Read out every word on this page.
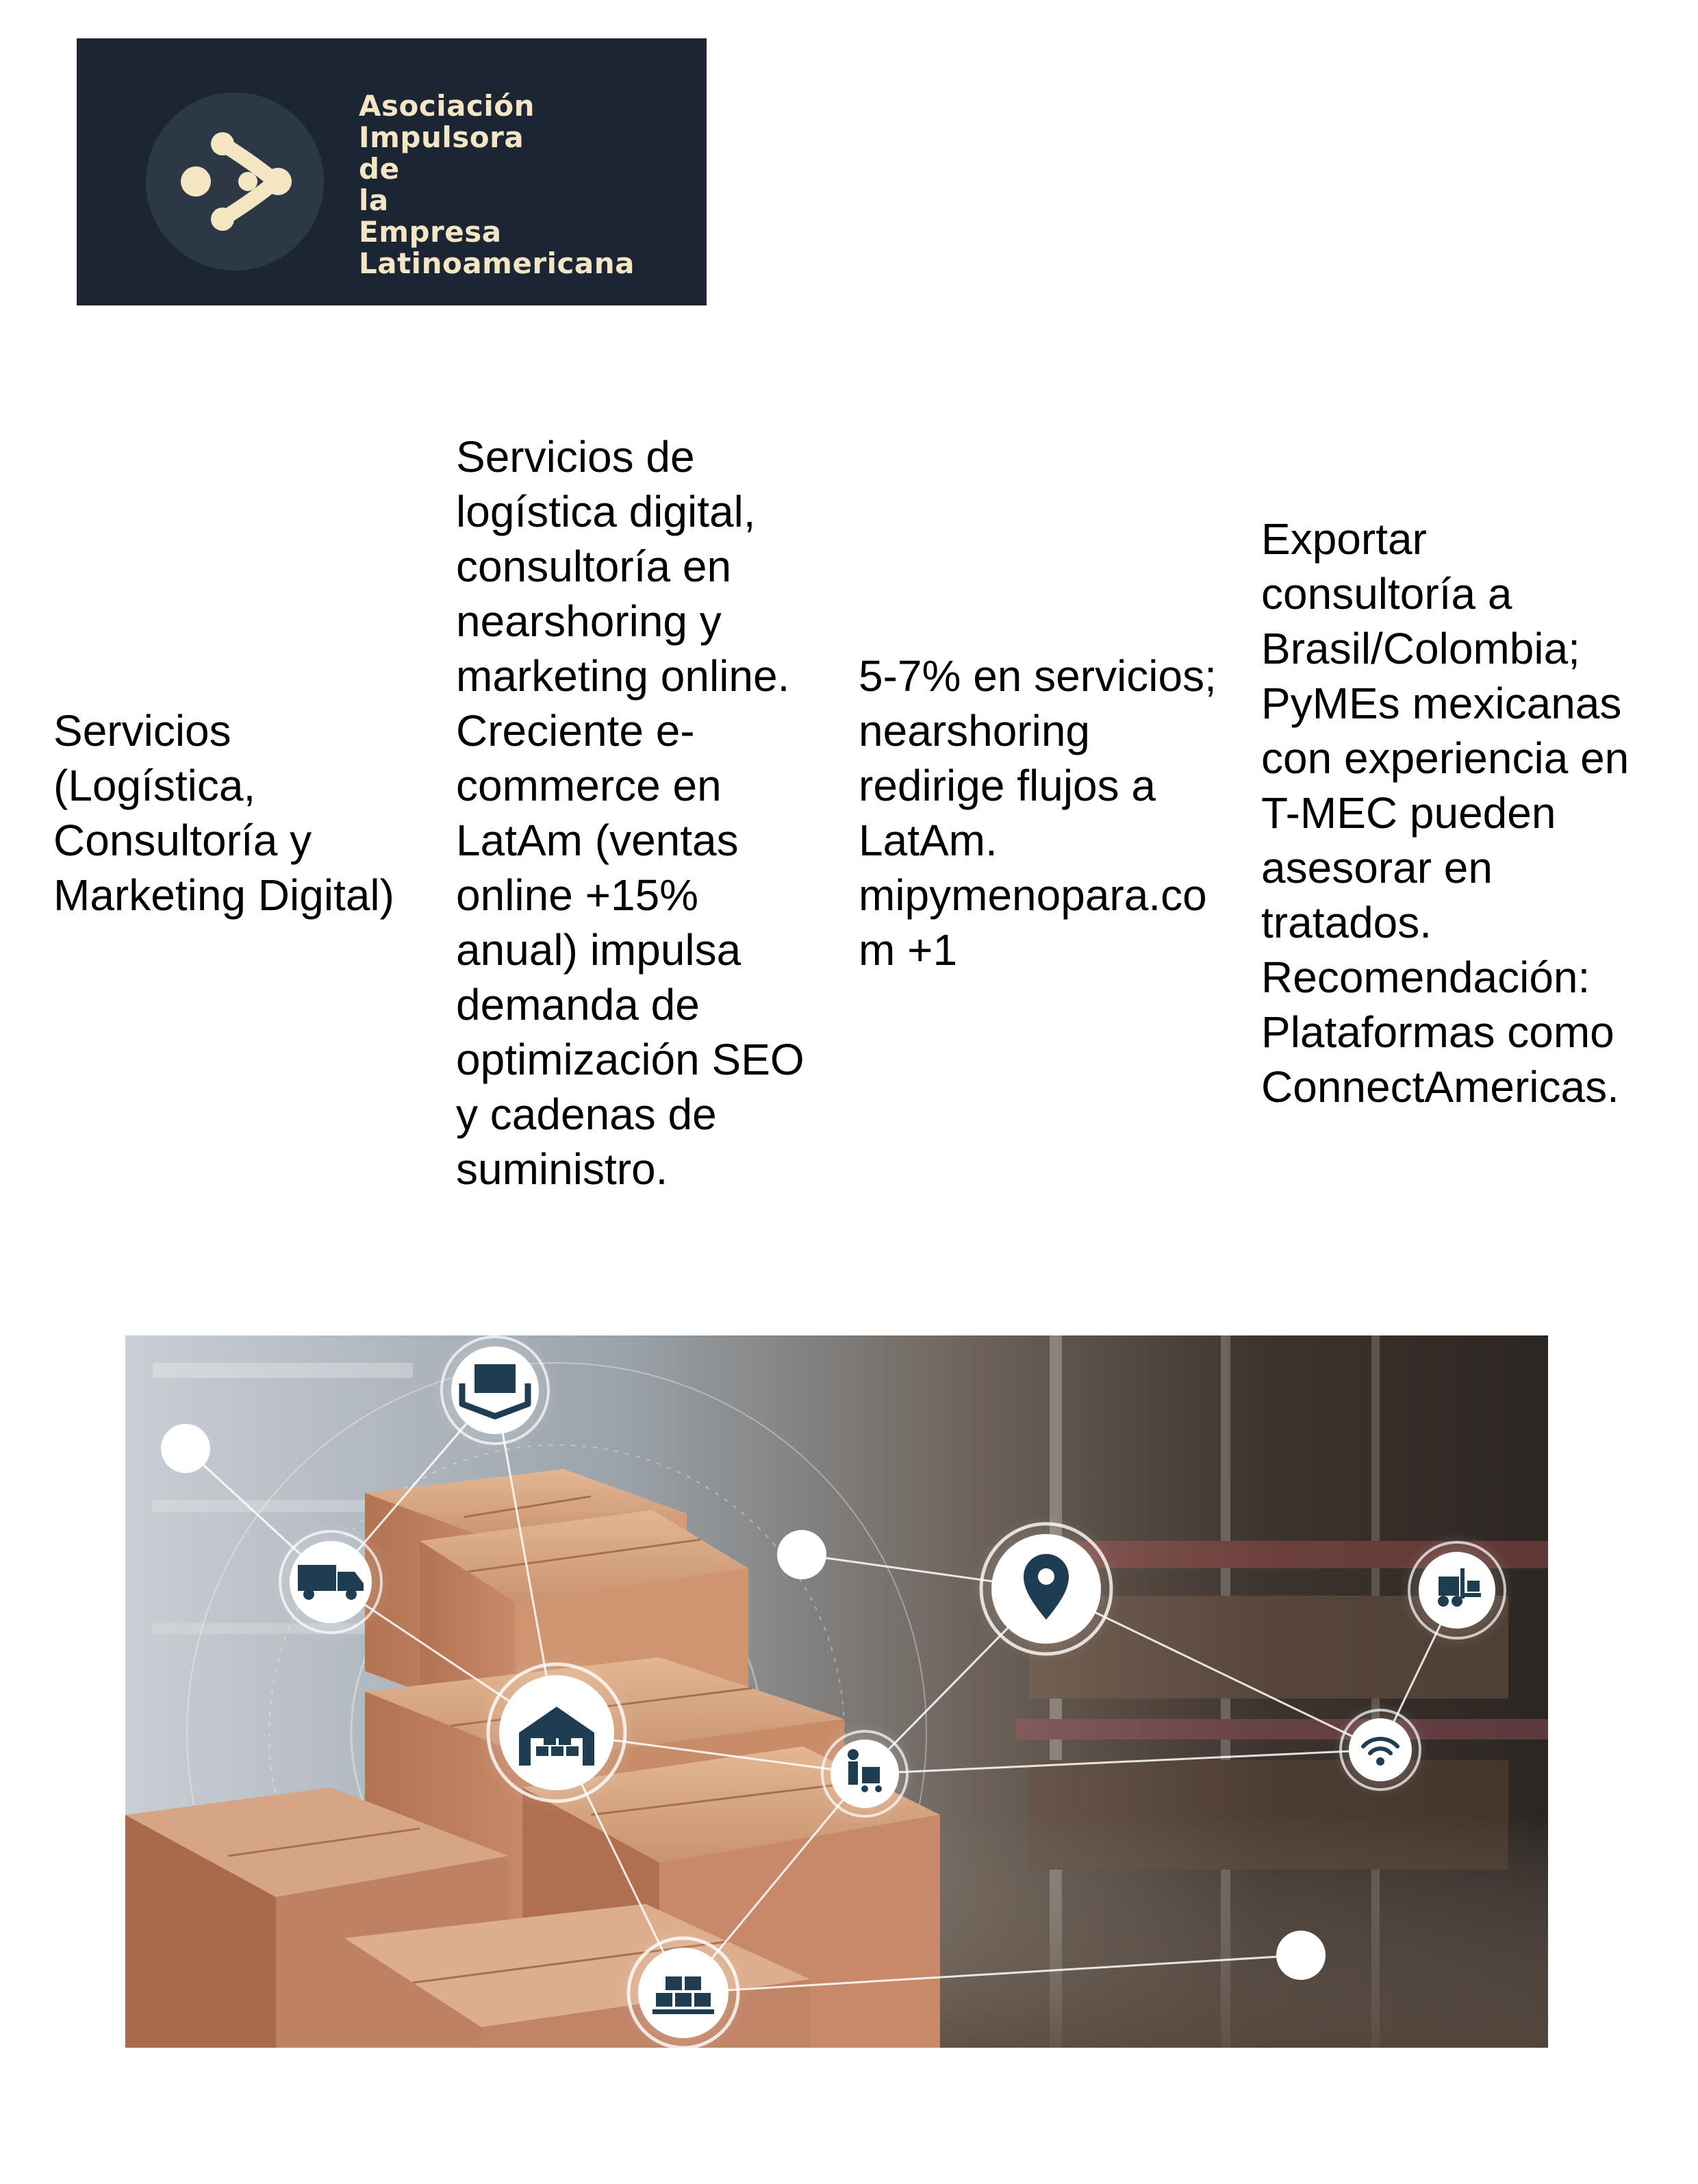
Asociación
Impulsora
de
la
Empresa
Latinoamericana
Servicios (Logística, Consultoría y Marketing Digital)
Servicios de logística digital, consultoría en nearshoring y marketing online. Creciente e-commerce en LatAm (ventas online +15% anual) impulsa demanda de optimización SEO y cadenas de suministro.
5-7% en servicios; nearshoring redirige flujos a LatAm. mipymenopara.com +1
Exportar consultoría a Brasil/Colombia; PyMEs mexicanas con experiencia en T-MEC pueden asesorar en tratados. Recomendación: Plataformas como ConnectAmericas.
